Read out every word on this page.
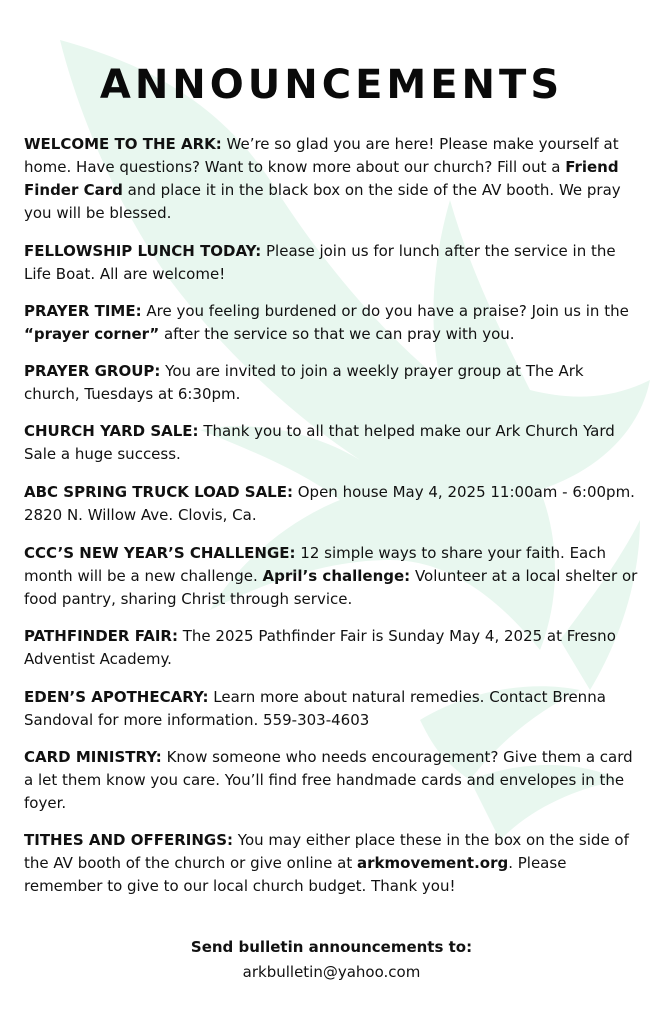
ANNOUNCEMENTS

WELCOME TO THE ARK: We’re so glad you are here! Please make yourself at home. Have questions? Want to know more about our church? Fill out a Friend Finder Card and place it in the black box on the side of the AV booth. We pray you will be blessed.

FELLOWSHIP LUNCH TODAY: Please join us for lunch after the service in the Life Boat. All are welcome!

PRAYER TIME: Are you feeling burdened or do you have a praise? Join us in the “prayer corner” after the service so that we can pray with you.

PRAYER GROUP: You are invited to join a weekly prayer group at The Ark church, Tuesdays at 6:30pm.

CHURCH YARD SALE: Thank you to all that helped make our Ark Church Yard Sale a huge success.

ABC SPRING TRUCK LOAD SALE: Open house May 4, 2025 11:00am - 6:00pm. 2820 N. Willow Ave. Clovis, Ca.

CCC’S NEW YEAR’S CHALLENGE: 12 simple ways to share your faith. Each month will be a new challenge. April’s challenge: Volunteer at a local shelter or food pantry, sharing Christ through service.

PATHFINDER FAIR: The 2025 Pathfinder Fair is Sunday May 4, 2025 at Fresno Adventist Academy.

EDEN’S APOTHECARY: Learn more about natural remedies. Contact Brenna Sandoval for more information. 559-303-4603

CARD MINISTRY: Know someone who needs encouragement? Give them a card a let them know you care. You’ll find free handmade cards and envelopes in the foyer.

TITHES AND OFFERINGS: You may either place these in the box on the side of the AV booth of the church or give online at arkmovement.org. Please remember to give to our local church budget. Thank you!

Send bulletin announcements to:

arkbulletin@yahoo.com
